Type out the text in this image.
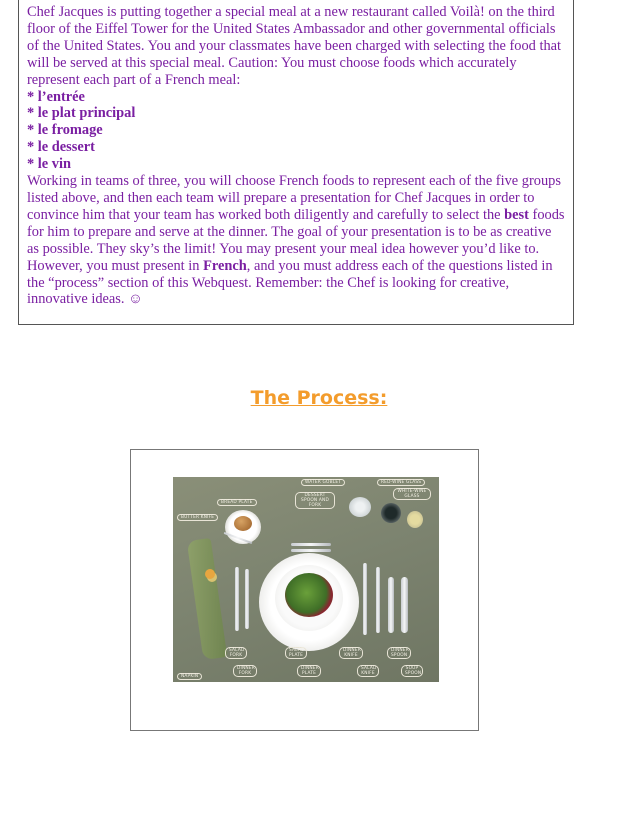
Chef Jacques is putting together a special meal at a new restaurant called Voilà! on the third floor of the Eiffel Tower for the United States Ambassador and other governmental officials of the United States. You and your classmates have been charged with selecting the food that will be served at this special meal. Caution: You must choose foods which accurately represent each part of a French meal:

* l’entrée

* le plat principal

* le fromage

* le dessert

* le vin

Working in teams of three, you will choose French foods to represent each of the five groups listed above, and then each team will prepare a presentation for Chef Jacques in order to convince him that your team has worked both diligently and carefully to select the best foods for him to prepare and serve at the dinner. The goal of your presentation is to be as creative as possible. They sky’s the limit! You may present your meal idea however you’d like to. However, you must present in French, and you must address each of the questions listed in the “process” section of this Webquest. Remember: the Chef is looking for creative, innovative ideas. ☺

The Process:
WATER GOBLET	RED-WINE GLASS
WHITE-WINE GLASS
BREAD PLATE
DESSERT SPOON AND FORK
BUTTER KNIFE
SALAD FORK
SALAD PLATE
DINNER KNIFE
DINNER SPOON
NAPKIN
DINNER FORK
DINNER PLATE
SALAD KNIFE
SOUP SPOON
